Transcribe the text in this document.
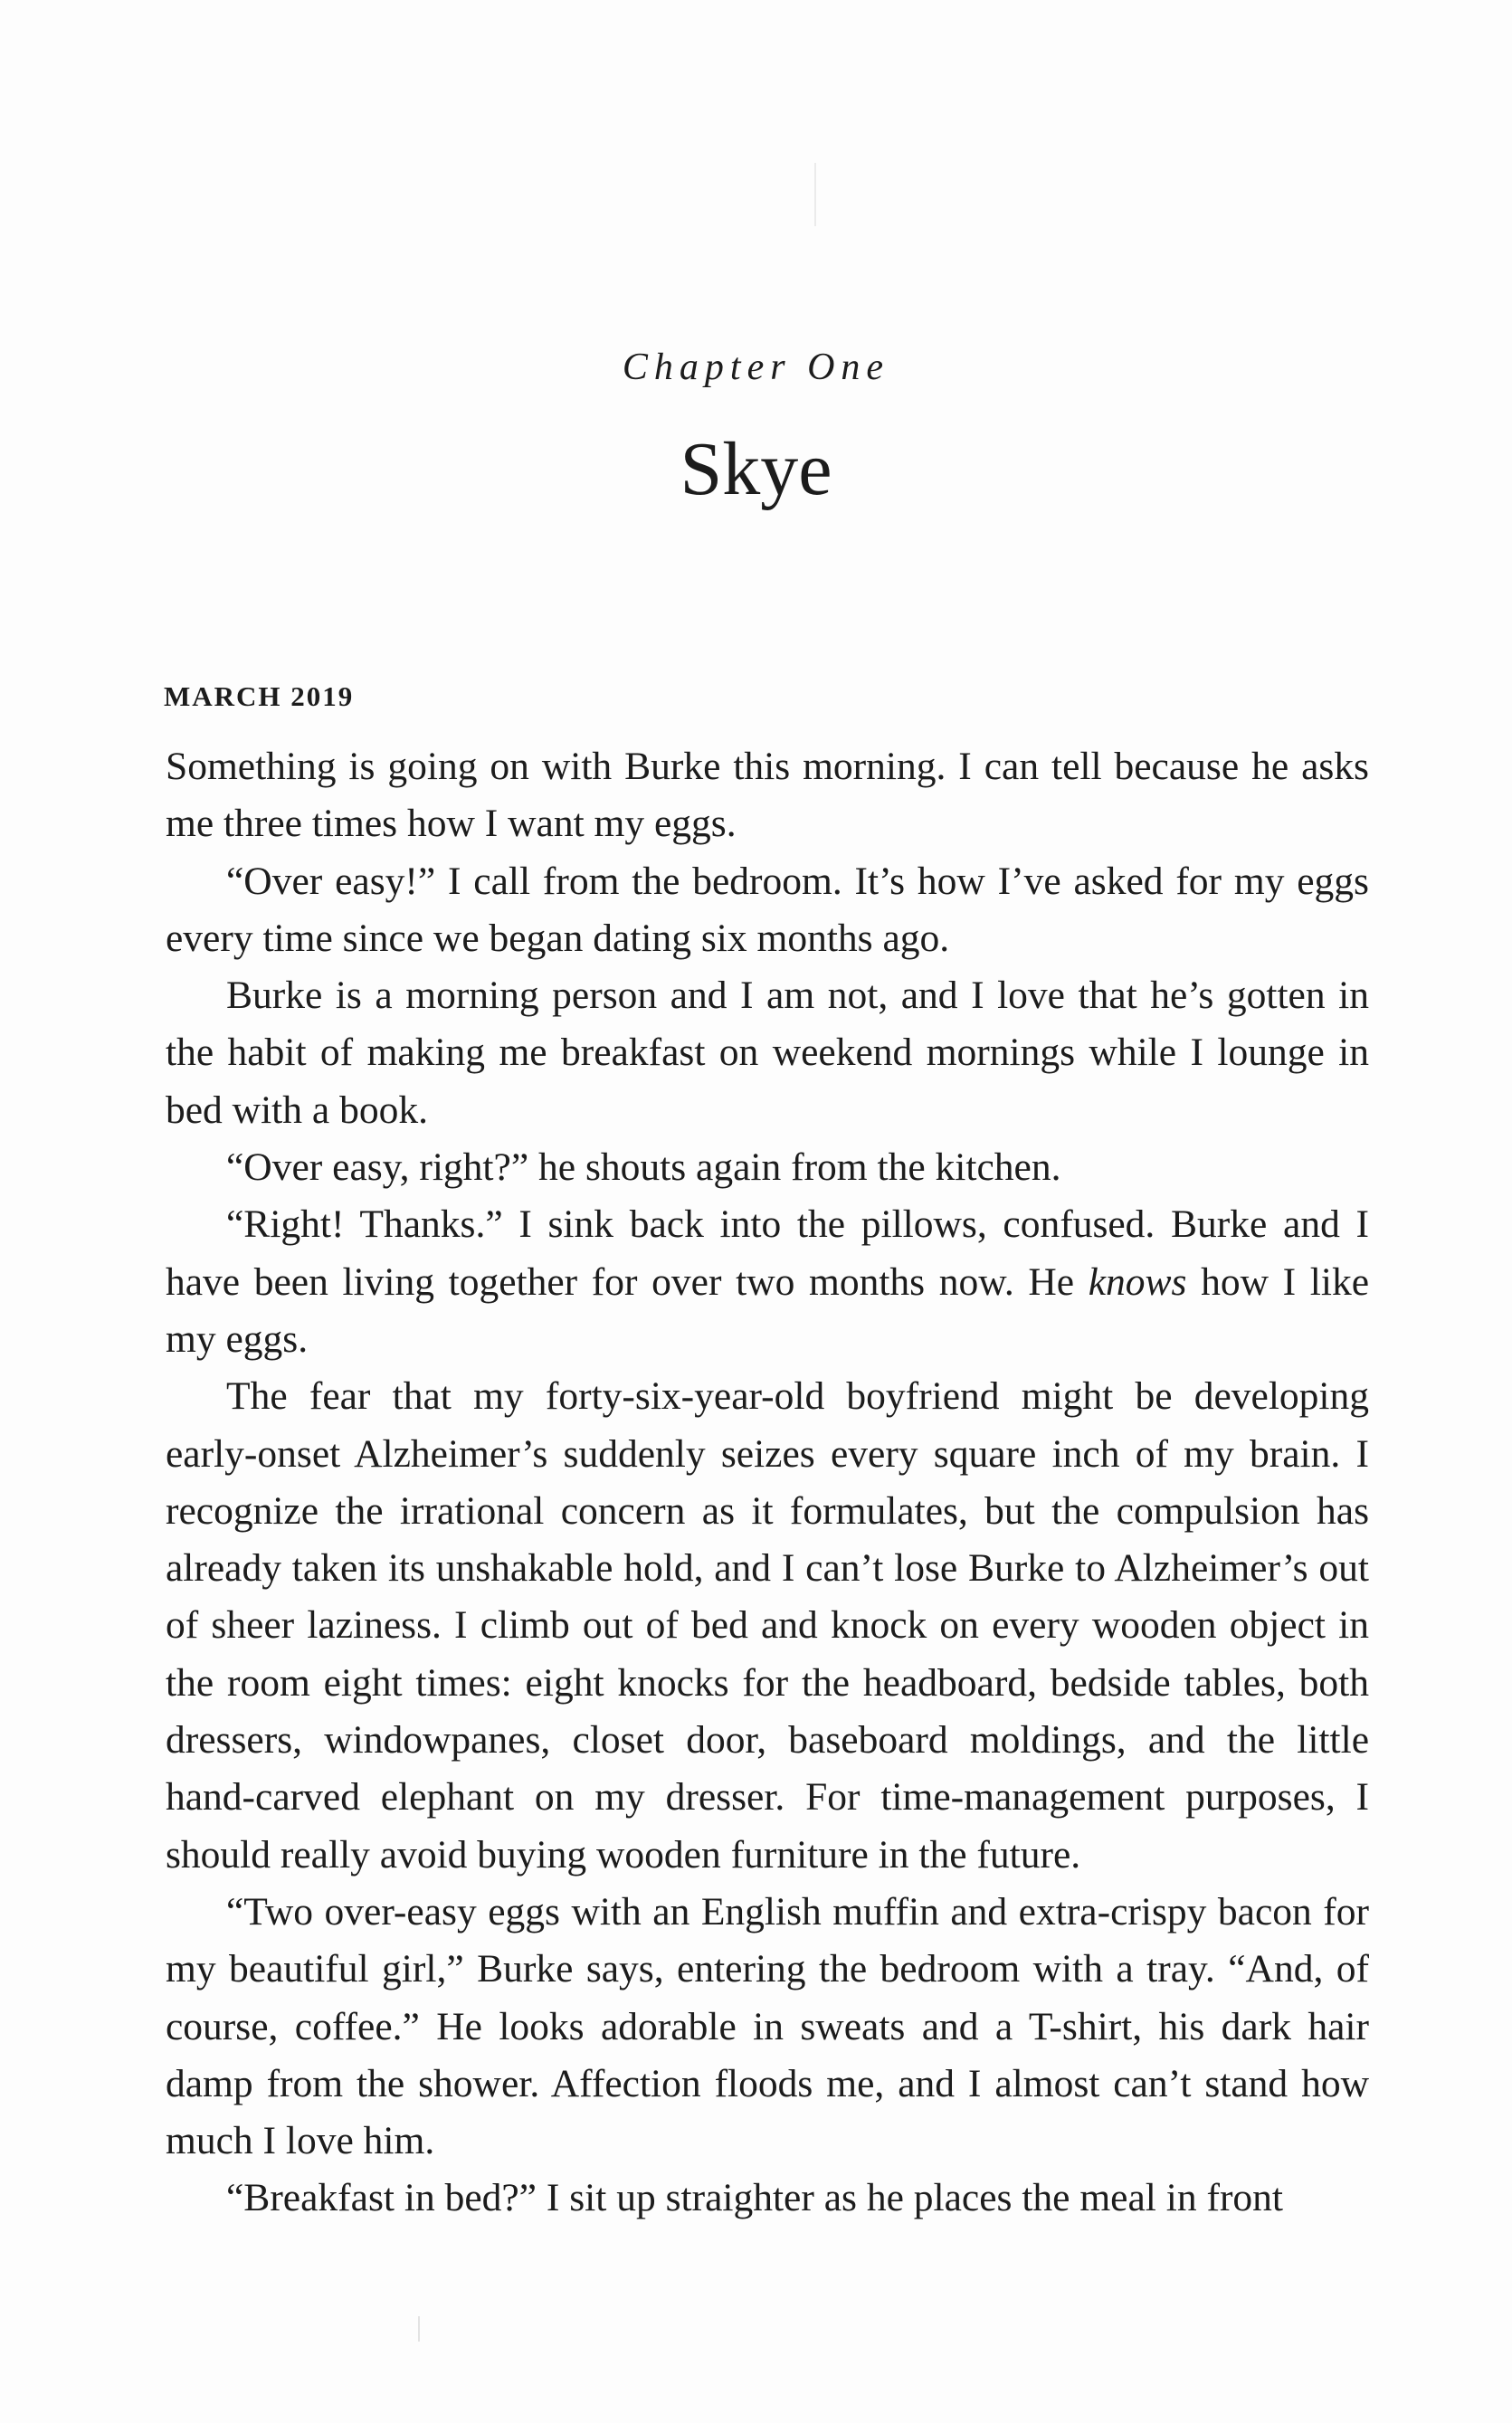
Chapter One
Skye
MARCH 2019

Something is going on with Burke this morning. I can tell because he asks me three times how I want my eggs.

“Over easy!” I call from the bedroom. It’s how I’ve asked for my eggs every time since we began dating six months ago.

Burke is a morning person and I am not, and I love that he’s gotten in the habit of making me breakfast on weekend mornings while I lounge in bed with a book.

“Over easy, right?” he shouts again from the kitchen.

“Right! Thanks.” I sink back into the pillows, confused. Burke and I have been living together for over two months now. He knows how I like my eggs.

The fear that my forty-six-year-old boyfriend might be developing early-onset Alzheimer’s suddenly seizes every square inch of my brain. I recognize the irrational concern as it formulates, but the compulsion has already taken its unshakable hold, and I can’t lose Burke to Alzheimer’s out of sheer laziness. I climb out of bed and knock on every wooden object in the room eight times: eight knocks for the headboard, bedside tables, both dressers, windowpanes, closet door, baseboard moldings, and the little hand-carved elephant on my dresser. For time-management purposes, I should really avoid buying wooden furniture in the future.

“Two over-easy eggs with an English muffin and extra-crispy bacon for my beautiful girl,” Burke says, entering the bedroom with a tray. “And, of course, coffee.” He looks adorable in sweats and a T-shirt, his dark hair damp from the shower. Affection floods me, and I almost can’t stand how much I love him.

“Breakfast in bed?” I sit up straighter as he places the meal in front
